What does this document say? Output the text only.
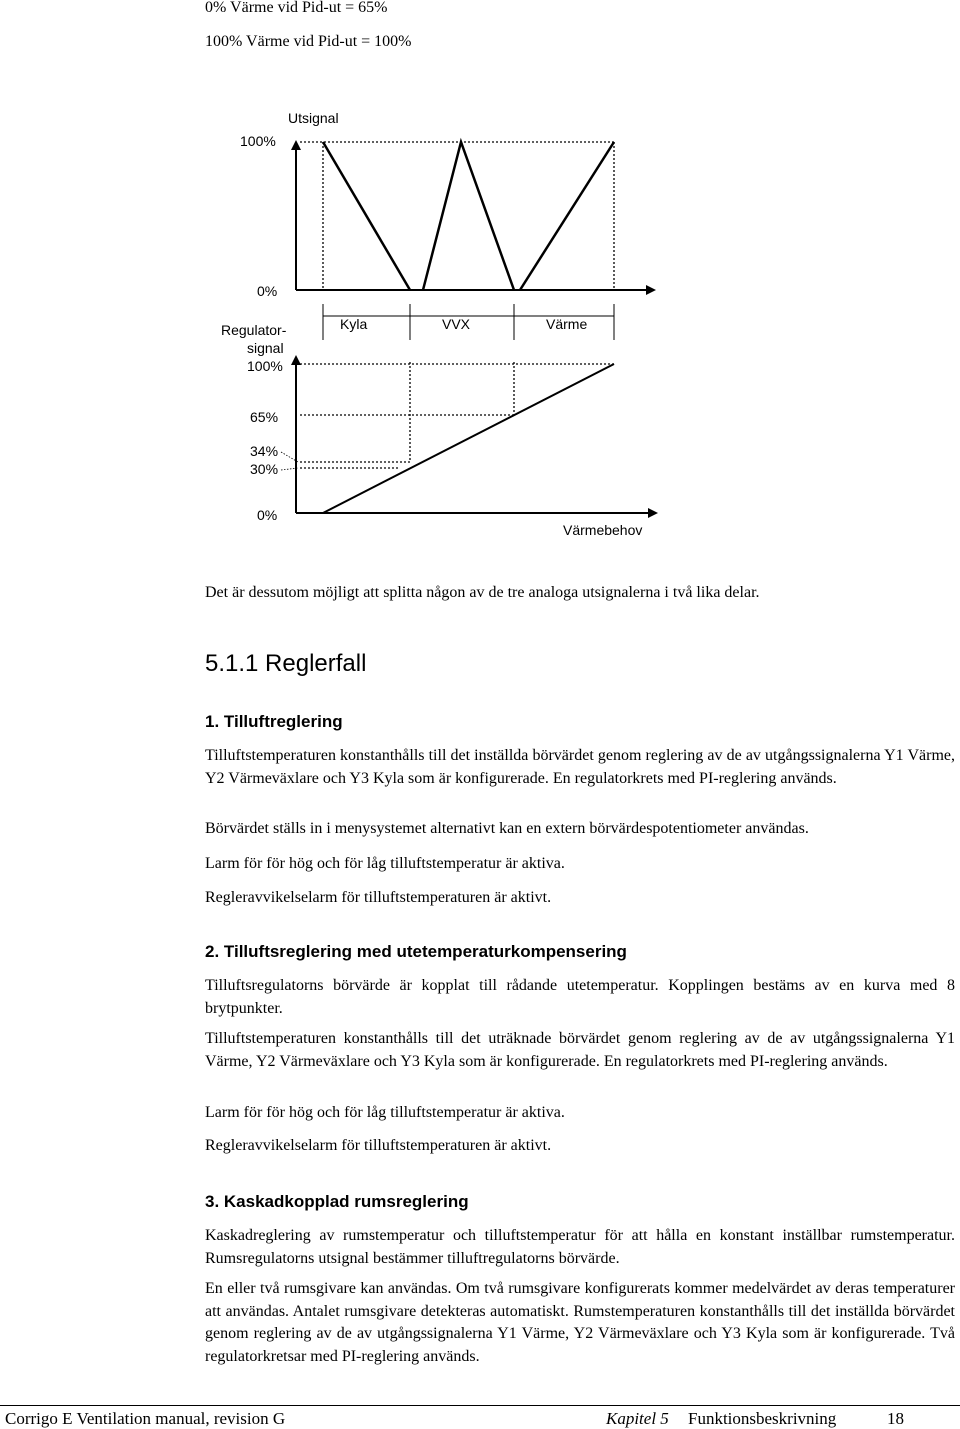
0% Värme vid Pid-ut = 65%
100% Värme vid Pid-ut = 100%
Utsignal
100%
0%
Kyla	VVX	Värme
Regulator-
signal
100%
65%
34%
30%
0%
Värmebehov
Det är dessutom möjligt att splitta någon av de tre analoga utsignalerna i två lika delar.
5.1.1 Reglerfall
1. Tilluftreglering
Tilluftstemperaturen konstanthålls till det inställda börvärdet genom reglering av de av utgångssignalerna Y1 Värme, Y2 Värmeväxlare och Y3 Kyla som är konfigurerade. En regulatorkrets med PI-reglering används.
Börvärdet ställs in i menysystemet alternativt kan en extern börvärdespotentiometer användas.
Larm för för hög och för låg tilluftstemperatur är aktiva.
Regleravvikelselarm för tilluftstemperaturen är aktivt.
2. Tilluftsreglering med utetemperaturkompensering
Tilluftsregulatorns börvärde är kopplat till rådande utetemperatur. Kopplingen bestäms av en kurva med 8 brytpunkter.
Tilluftstemperaturen konstanthålls till det uträknade börvärdet genom reglering av de av utgångssignalerna Y1 Värme, Y2 Värmeväxlare och Y3 Kyla som är konfigurerade. En regulatorkrets med PI-reglering används.
Larm för för hög och för låg tilluftstemperatur är aktiva.
Regleravvikelselarm för tilluftstemperaturen är aktivt.
3. Kaskadkopplad rumsreglering
Kaskadreglering av rumstemperatur och tilluftstemperatur för att hålla en konstant inställbar rumstemperatur. Rumsregulatorns utsignal bestämmer tilluftregulatorns börvärde.
En eller två rumsgivare kan användas. Om två rumsgivare konfigurerats kommer medelvärdet av deras temperaturer att användas. Antalet rumsgivare detekteras automatiskt. Rumstemperaturen konstanthålls till det inställda börvärdet genom reglering av de av utgångssignalerna Y1 Värme, Y2 Värmeväxlare och Y3 Kyla som är konfigurerade. Två regulatorkretsar med PI-reglering används.
Corrigo E Ventilation manual, revision G	Kapitel 5 Funktionsbeskrivning	18
